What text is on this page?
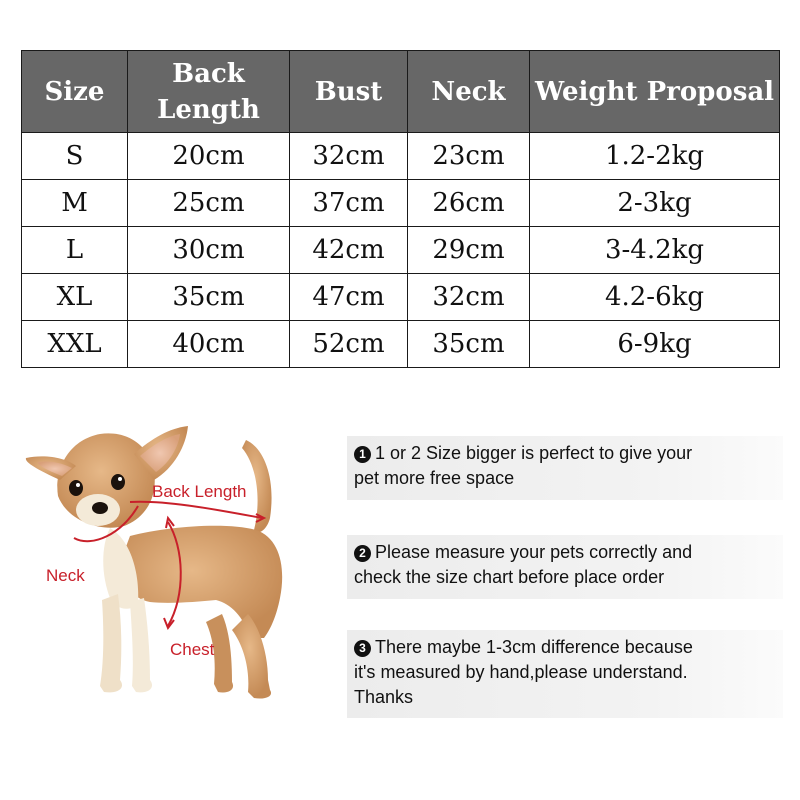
Size	Back Length	Bust	Neck	Weight Proposal
S	20cm	32cm	23cm	1.2-2kg
M	25cm	37cm	26cm	2-3kg
L	30cm	42cm	29cm	3-4.2kg
XL	35cm	47cm	32cm	4.2-6kg
XXL	40cm	52cm	35cm	6-9kg
Back Length
Neck
Chest
1 1 or 2 Size bigger is perfect to give your
pet more free space
2 Please measure your pets correctly and
check the size chart before place order
3 There maybe 1-3cm difference because
it's measured by hand,please understand.
Thanks
